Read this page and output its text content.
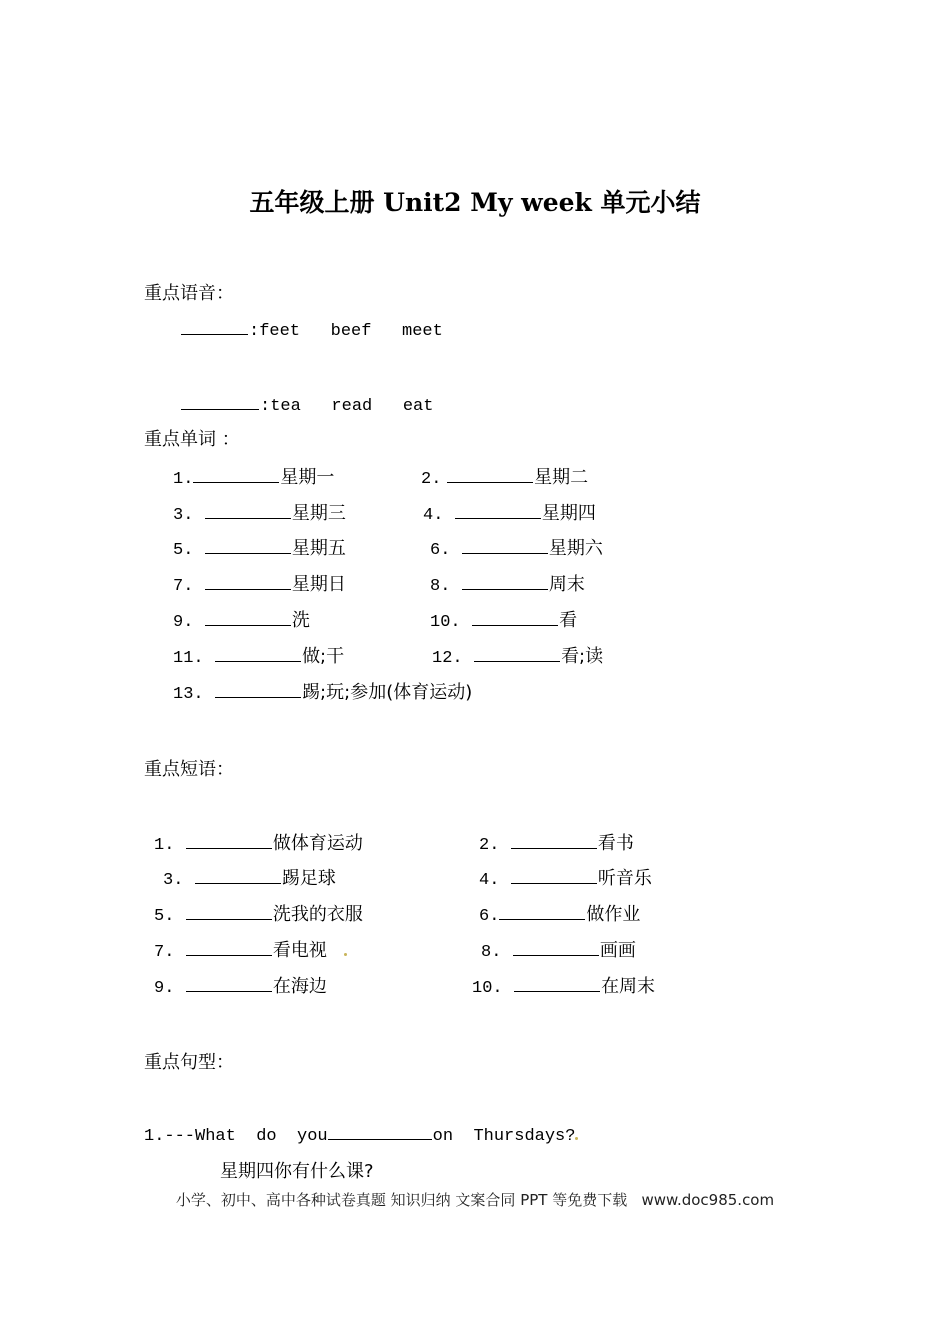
五年级上册 Unit2 My week 单元小结
重点语音：
:feet   beef   meet
:tea   read   eat
重点单词 ：
1.	星期一	2.	星期二
3.	星期三	4.	星期四
5.	星期五	6.	星期六
7.	星期日	8.	周末
9.	洗	10.	看
11.	做;干	12.	看;读
13.	踢;玩;参加(体育运动)
重点短语：
1.	做体育运动	2.	看书
3.	踢足球	4.	听音乐
5.	洗我的衣服	6.	做作业
7.	看电视	8.	画画
9.	在海边	10.	在周末
重点句型：
1.---What  do  you	on  Thursdays?
星期四你有什么课?
小学、初中、高中各种试卷真题 知识归纳 文案合同 PPT 等免费下载   www.doc985.com
